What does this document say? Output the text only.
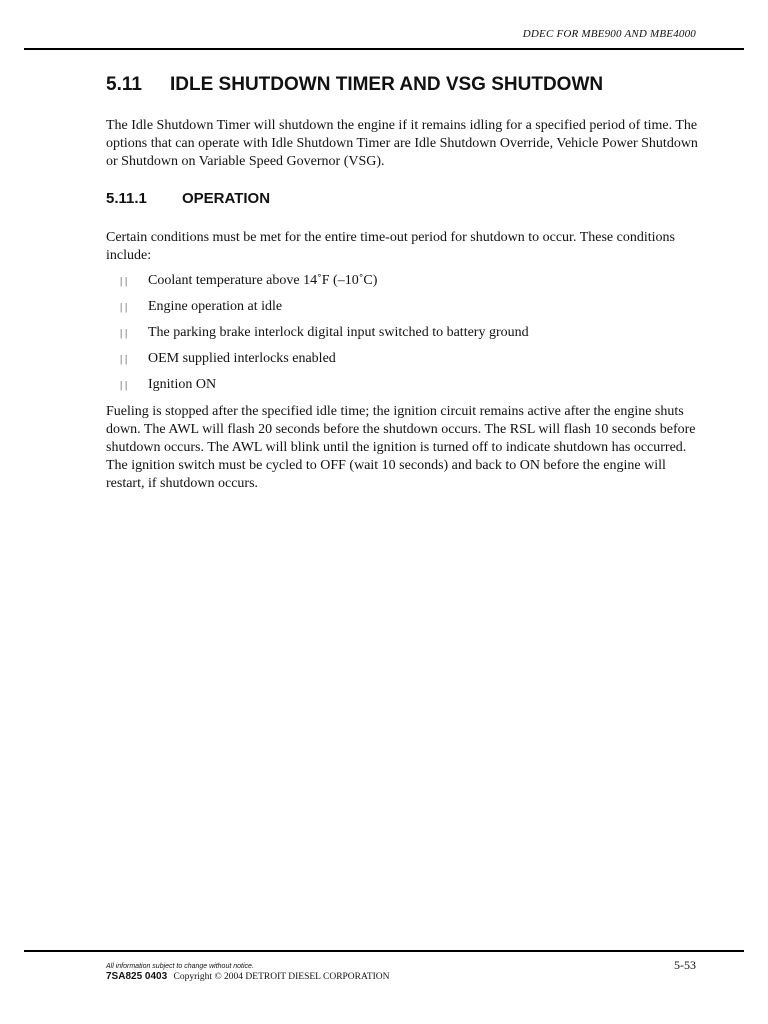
DDEC FOR MBE900 AND MBE4000
5.11	IDLE SHUTDOWN TIMER AND VSG SHUTDOWN

The Idle Shutdown Timer will shutdown the engine if it remains idling for a specified period of time. The options that can operate with Idle Shutdown Timer are Idle Shutdown Override, Vehicle Power Shutdown or Shutdown on Variable Speed Governor (VSG).

5.11.1	OPERATION

Certain conditions must be met for the entire time-out period for shutdown to occur. These conditions include:

| |	Coolant temperature above 14˚F (–10˚C)
| |	Engine operation at idle
| |	The parking brake interlock digital input switched to battery ground
| |	OEM supplied interlocks enabled
| |	Ignition ON

Fueling is stopped after the specified idle time; the ignition circuit remains active after the engine shuts down. The AWL will flash 20 seconds before the shutdown occurs. The RSL will flash 10 seconds before shutdown occurs. The AWL will blink until the ignition is turned off to indicate shutdown has occurred. The ignition switch must be cycled to OFF (wait 10 seconds) and back to ON before the engine will restart, if shutdown occurs.

All information subject to change without notice.
7SA825 0403 Copyright © 2004 DETROIT DIESEL CORPORATION
5-53
